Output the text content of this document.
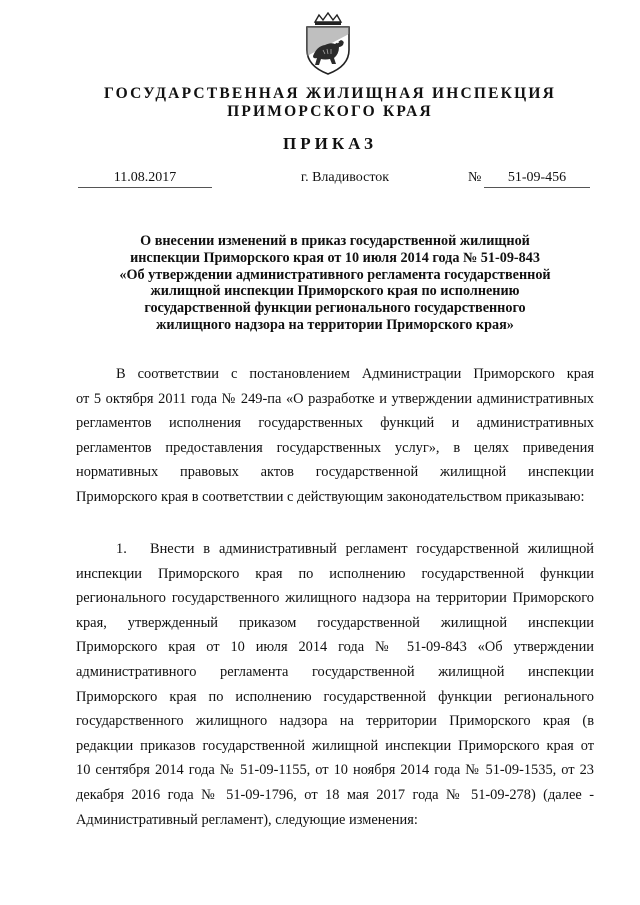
ГОСУДАРСТВЕННАЯ ЖИЛИЩНАЯ ИНСПЕКЦИЯ
ПРИМОРСКОГО КРАЯ
ПРИКАЗ
11.08.2017	г. Владивосток	№	51-09-456
О внесении изменений в приказ государственной жилищной
инспекции Приморского края от 10 июля 2014 года № 51-09-843
«Об утверждении административного регламента государственной
жилищной инспекции Приморского края по исполнению
государственной функции регионального государственного
жилищного надзора на территории Приморского края»
В соответствии с постановлением Администрации Приморского края
от 5 октября 2011 года № 249-па «О разработке и утверждении административных
регламентов исполнения государственных функций и административных
регламентов предоставления государственных услуг», в целях приведения
нормативных правовых актов государственной жилищной инспекции
Приморского края в соответствии с действующим законодательством приказываю:
1. Внести в административный регламент государственной жилищной
инспекции Приморского края по исполнению государственной функции
регионального государственного жилищного надзора на территории Приморского
края, утвержденный приказом государственной жилищной инспекции
Приморского края от 10 июля 2014 года № 51-09-843 «Об утверждении
административного регламента государственной жилищной инспекции
Приморского края по исполнению государственной функции регионального
государственного жилищного надзора на территории Приморского края (в
редакции приказов государственной жилищной инспекции Приморского края от
10 сентября 2014 года № 51-09-1155, от 10 ноября 2014 года № 51-09-1535, от 23
декабря 2016 года № 51-09-1796, от 18 мая 2017 года № 51-09-278) (далее -
Административный регламент), следующие изменения:
